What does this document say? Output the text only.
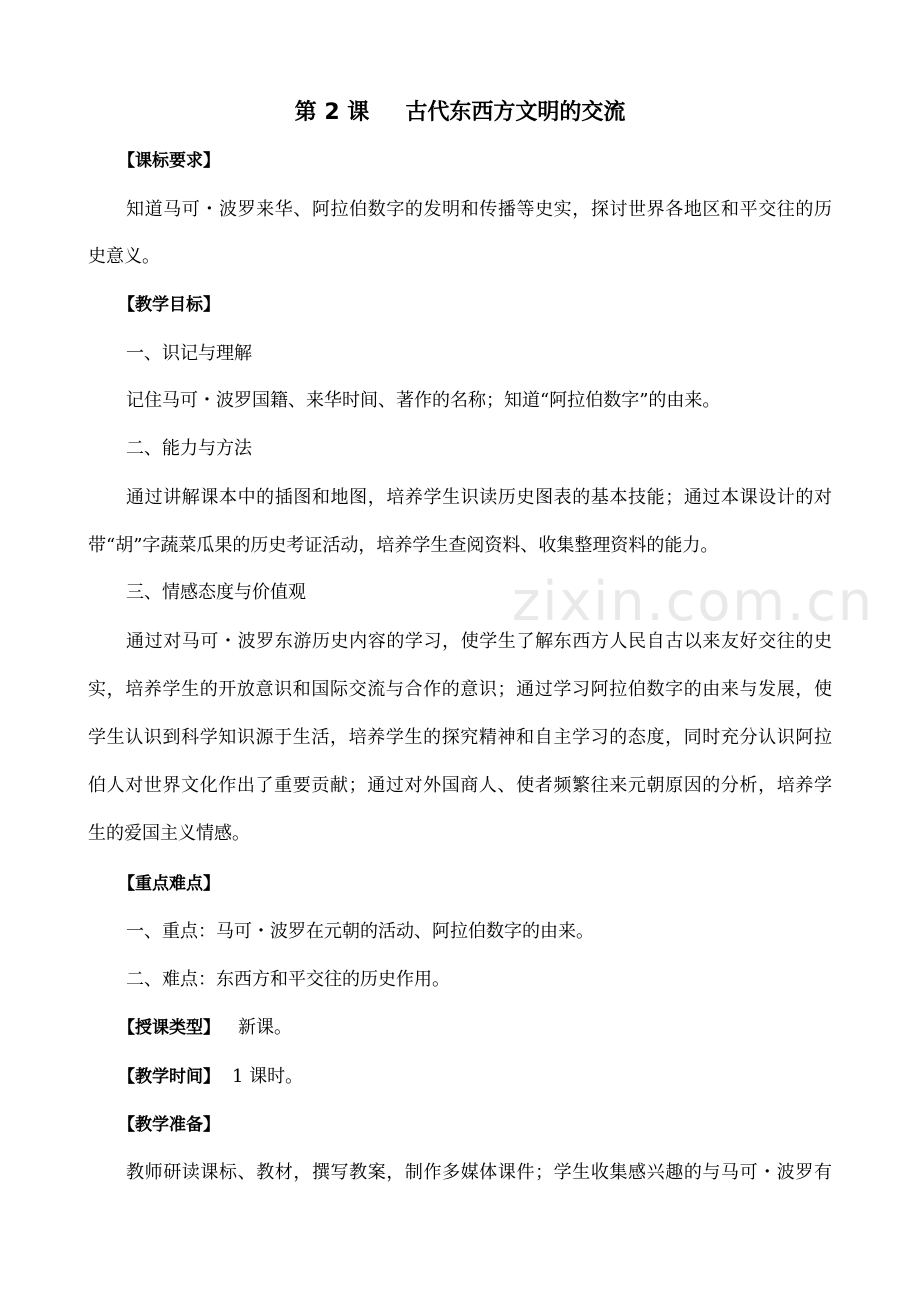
zixin.com.cn
第 2 课 古代东西方文明的交流
【课标要求】
知道马可・波罗来华、阿拉伯数字的发明和传播等史实，探讨世界各地区和平交往的历
史意义。
【教学目标】
一、识记与理解
记住马可・波罗国籍、来华时间、著作的名称；知道“阿拉伯数字”的由来。
二、能力与方法
通过讲解课本中的插图和地图，培养学生识读历史图表的基本技能；通过本课设计的对
带“胡”字蔬菜瓜果的历史考证活动，培养学生查阅资料、收集整理资料的能力。
三、情感态度与价值观
通过对马可・波罗东游历史内容的学习，使学生了解东西方人民自古以来友好交往的史
实，培养学生的开放意识和国际交流与合作的意识；通过学习阿拉伯数字的由来与发展，使
学生认识到科学知识源于生活，培养学生的探究精神和自主学习的态度，同时充分认识阿拉
伯人对世界文化作出了重要贡献；通过对外国商人、使者频繁往来元朝原因的分析，培养学
生的爱国主义情感。
【重点难点】
一、重点：马可・波罗在元朝的活动、阿拉伯数字的由来。
二、难点：东西方和平交往的历史作用。
【授课类型】 新课。
【教学时间】 1 课时。
【教学准备】
教师研读课标、教材，撰写教案，制作多媒体课件；学生收集感兴趣的与马可・波罗有
